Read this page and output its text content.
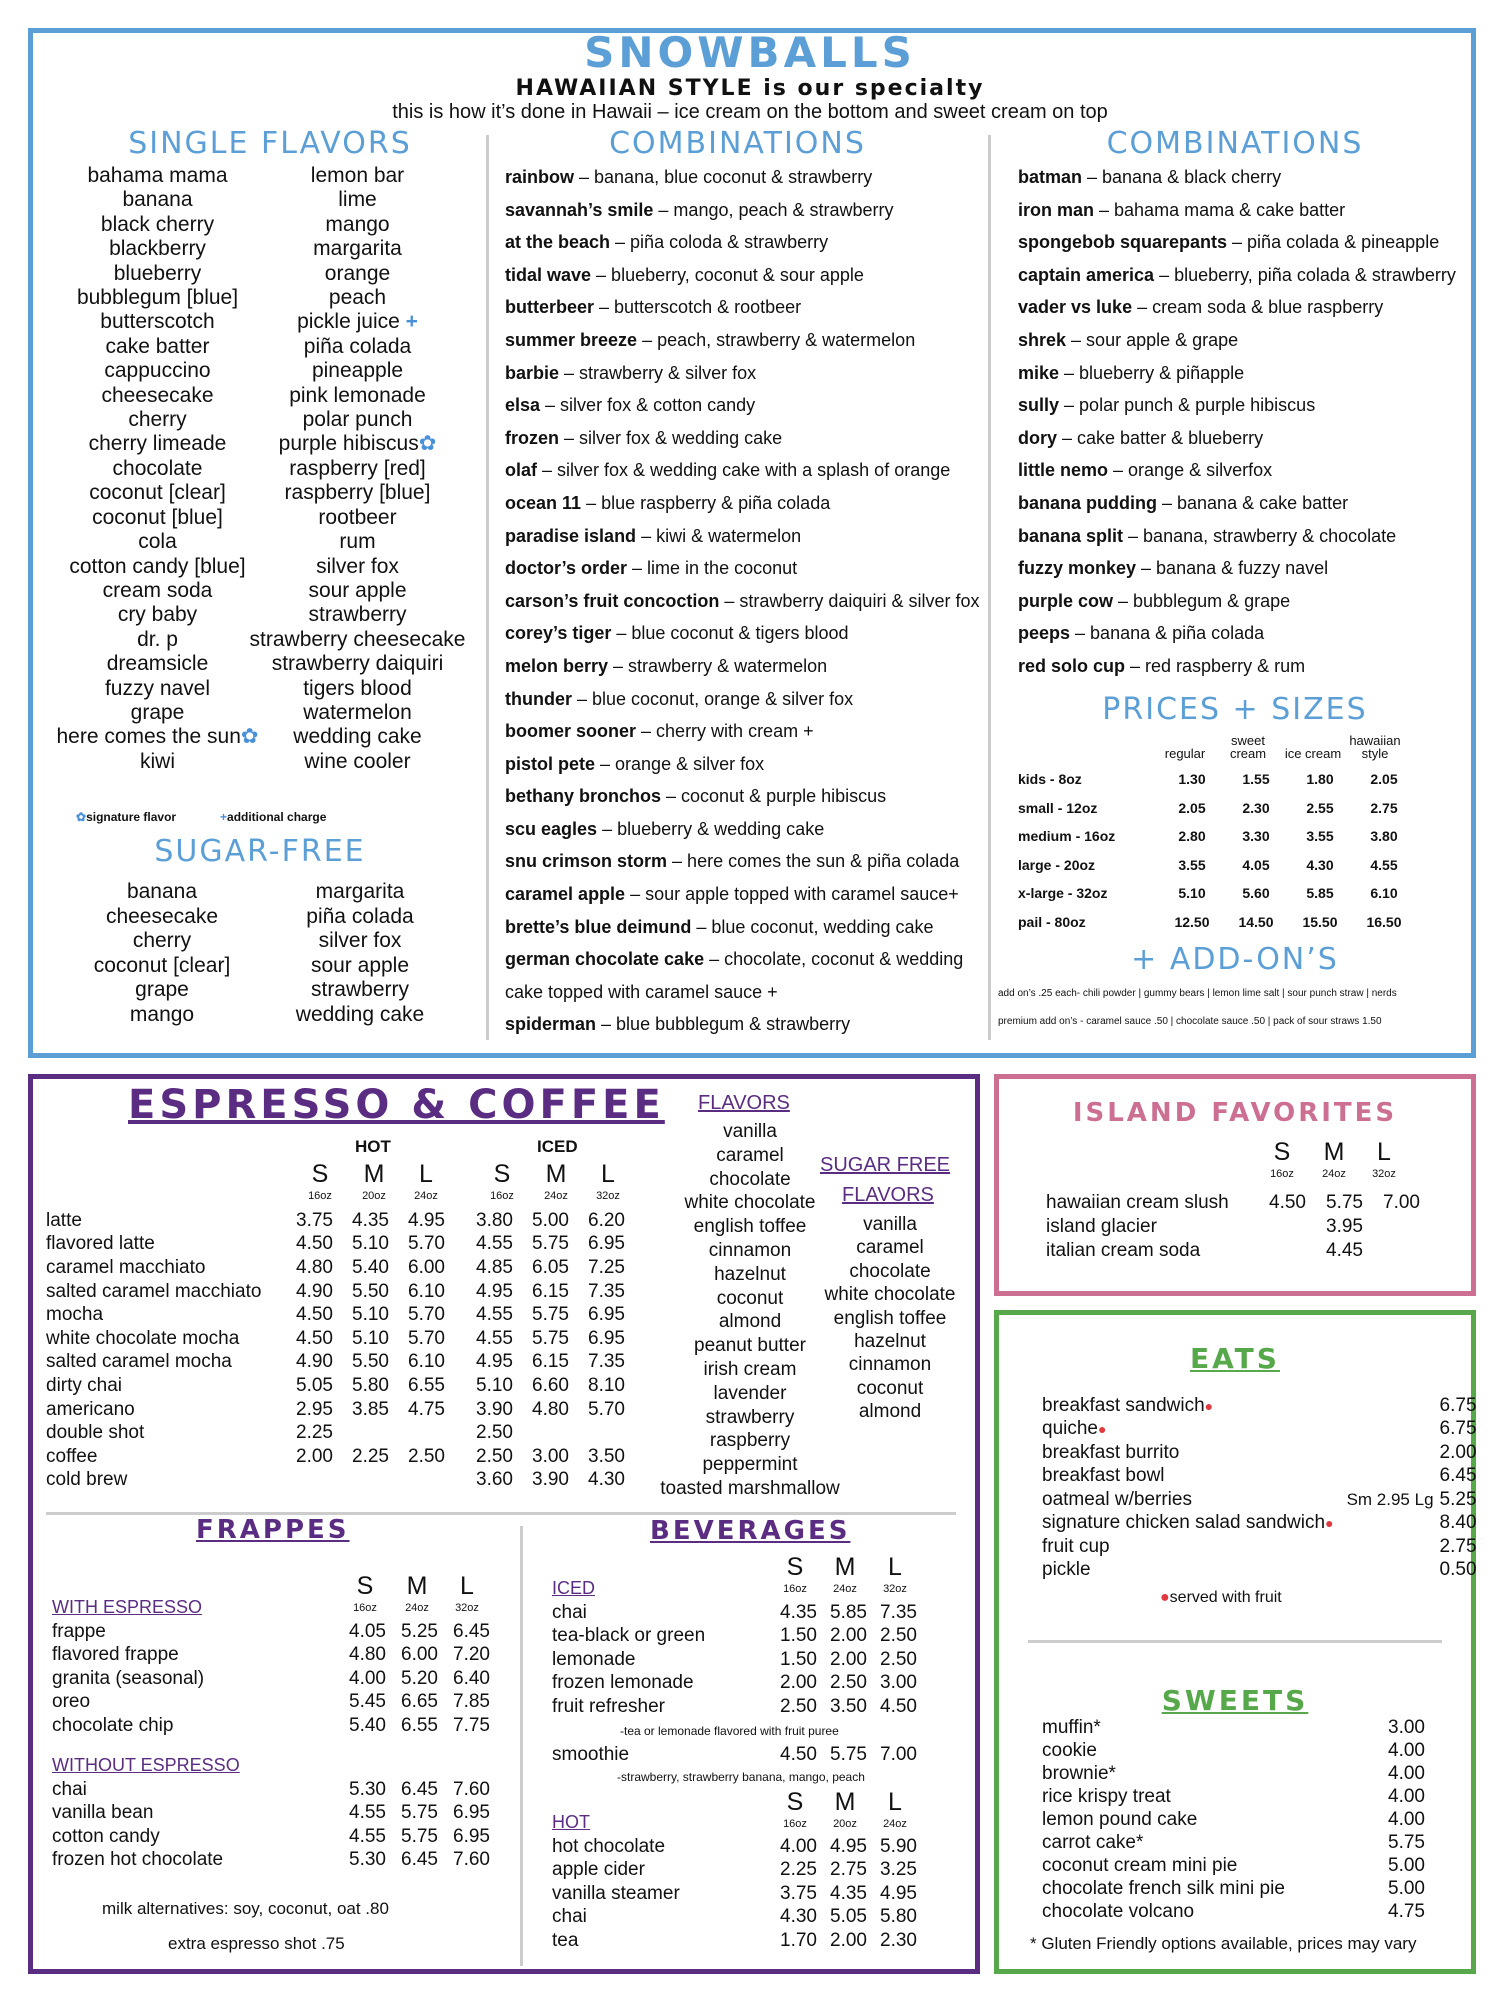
SNOWBALLS
HAWAIIAN STYLE is our specialty
this is how it’s done in Hawaii – ice cream on the bottom and sweet cream on top
SINGLE FLAVORS
bahama mama
banana
black cherry
blackberry
blueberry
bubblegum [blue]
butterscotch
cake batter
cappuccino
cheesecake
cherry
cherry limeade
chocolate
coconut [clear]
coconut [blue]
cola
cotton candy [blue]
cream soda
cry baby
dr. p
dreamsicle
fuzzy navel
grape
here comes the sun✿
kiwi
lemon bar
lime
mango
margarita
orange
peach
pickle juice +
piña colada
pineapple
pink lemonade
polar punch
purple hibiscus✿
raspberry [red]
raspberry [blue]
rootbeer
rum
silver fox
sour apple
strawberry
strawberry cheesecake
strawberry daiquiri
tigers blood
watermelon
wedding cake
wine cooler
✿signature flavor	+additional charge
SUGAR-FREE
banana
cheesecake
cherry
coconut [clear]
grape
mango
margarita
piña colada
silver fox
sour apple
strawberry
wedding cake
COMBINATIONS
rainbow – banana, blue coconut & strawberry
savannah’s smile – mango, peach & strawberry
at the beach – piña coloda & strawberry
tidal wave – blueberry, coconut & sour apple
butterbeer – butterscotch & rootbeer
summer breeze – peach, strawberry & watermelon
barbie – strawberry & silver fox
elsa – silver fox & cotton candy
frozen – silver fox & wedding cake
olaf – silver fox & wedding cake with a splash of orange
ocean 11 – blue raspberry & piña colada
paradise island – kiwi & watermelon
doctor’s order – lime in the coconut
carson’s fruit concoction – strawberry daiquiri & silver fox
corey’s tiger – blue coconut & tigers blood
melon berry – strawberry & watermelon
thunder – blue coconut, orange & silver fox
boomer sooner – cherry with cream +
pistol pete – orange & silver fox
bethany bronchos – coconut & purple hibiscus
scu eagles – blueberry & wedding cake
snu crimson storm – here comes the sun & piña colada
caramel apple – sour apple topped with caramel sauce+
brette’s blue deimund – blue coconut, wedding cake
german chocolate cake – chocolate, coconut & wedding
cake topped with caramel sauce +
spiderman – blue bubblegum & strawberry
COMBINATIONS
batman – banana & black cherry
iron man – bahama mama & cake batter
spongebob squarepants – piña colada & pineapple
captain america – blueberry, piña colada & strawberry
vader vs luke – cream soda & blue raspberry
shrek – sour apple & grape
mike – blueberry & piñapple
sully – polar punch & purple hibiscus
dory – cake batter & blueberry
little nemo – orange & silverfox
banana pudding – banana & cake batter
banana split – banana, strawberry & chocolate
fuzzy monkey – banana & fuzzy navel
purple cow – bubblegum & grape
peeps – banana & piña colada
red solo cup – red raspberry & rum
PRICES + SIZES
regular
sweet cream	ice cream
hawaiian style
kids - 8oz	1.30	1.55	1.80	2.05
small - 12oz	2.05	2.30	2.55	2.75
medium - 16oz	2.80	3.30	3.55	3.80
large - 20oz	3.55	4.05	4.30	4.55
x-large - 32oz	5.10	5.60	5.85	6.10
pail - 80oz	12.50	14.50	15.50	16.50
+ ADD-ON’S
add on’s .25 each- chili powder | gummy bears | lemon lime salt | sour punch straw | nerds
premium add on’s - caramel sauce .50 | chocolate sauce .50 | pack of sour straws 1.50
ESPRESSO & COFFEE
HOT	ICED
S
16oz
M
20oz
L
24oz
S
16oz
M
24oz
L
32oz
latte	3.75	4.35	4.95		3.80	5.00	6.20
flavored latte	4.50	5.10	5.70		4.55	5.75	6.95
caramel macchiato	4.80	5.40	6.00		4.85	6.05	7.25
salted caramel macchiato	4.90	5.50	6.10		4.95	6.15	7.35
mocha	4.50	5.10	5.70		4.55	5.75	6.95
white chocolate mocha	4.50	5.10	5.70		4.55	5.75	6.95
salted caramel mocha	4.90	5.50	6.10		4.95	6.15	7.35
dirty chai	5.05	5.80	6.55		5.10	6.60	8.10
americano	2.95	3.85	4.75		3.90	4.80	5.70
double shot	2.25				2.50		
coffee	2.00	2.25	2.50		2.50	3.00	3.50
cold brew					3.60	3.90	4.30
FLAVORS
vanilla
caramel
chocolate
white chocolate
english toffee
cinnamon
hazelnut
coconut
almond
peanut butter
irish cream
lavender
strawberry
raspberry
peppermint
toasted marshmallow
SUGAR FREE
FLAVORS
vanilla
caramel
chocolate
white chocolate
english toffee
hazelnut
cinnamon
coconut
almond
FRAPPES
S
16oz
M
24oz
L
32oz
WITH ESPRESSO
frappe	4.05	5.25	6.45
flavored frappe	4.80	6.00	7.20
granita (seasonal)	4.00	5.20	6.40
oreo	5.45	6.65	7.85
chocolate chip	5.40	6.55	7.75
WITHOUT ESPRESSO
chai	5.30	6.45	7.60
vanilla bean	4.55	5.75	6.95
cotton candy	4.55	5.75	6.95
frozen hot chocolate	5.30	6.45	7.60
milk alternatives: soy, coconut, oat .80
extra espresso shot .75
BEVERAGES
S
16oz
M
24oz
L
32oz
ICED
chai	4.35	5.85	7.35
tea-black or green	1.50	2.00	2.50
lemonade	1.50	2.00	2.50
frozen lemonade	2.00	2.50	3.00
fruit refresher	2.50	3.50	4.50
-tea or lemonade flavored with fruit puree
smoothie	4.50	5.75	7.00
-strawberry, strawberry banana, mango, peach
S
16oz
M
20oz
L
24oz
HOT
hot chocolate	4.00	4.95	5.90
apple cider	2.25	2.75	3.25
vanilla steamer	3.75	4.35	4.95
chai	4.30	5.05	5.80
tea	1.70	2.00	2.30
ISLAND FAVORITES
S
16oz
M
24oz
L
32oz
hawaiian cream slush	4.50	5.75	7.00
island glacier		3.95	
italian cream soda		4.45	
EATS
breakfast sandwich●		6.75
quiche●		6.75
breakfast burrito		2.00
breakfast bowl		6.45
oatmeal w/berries	Sm 2.95 Lg	5.25
signature chicken salad sandwich●		8.40
fruit cup		2.75
pickle		0.50
●served with fruit
SWEETS
muffin*	3.00
cookie	4.00
brownie*	4.00
rice krispy treat	4.00
lemon pound cake	4.00
carrot cake*	5.75
coconut cream mini pie	5.00
chocolate french silk mini pie	5.00
chocolate volcano	4.75
* Gluten Friendly options available, prices may vary
